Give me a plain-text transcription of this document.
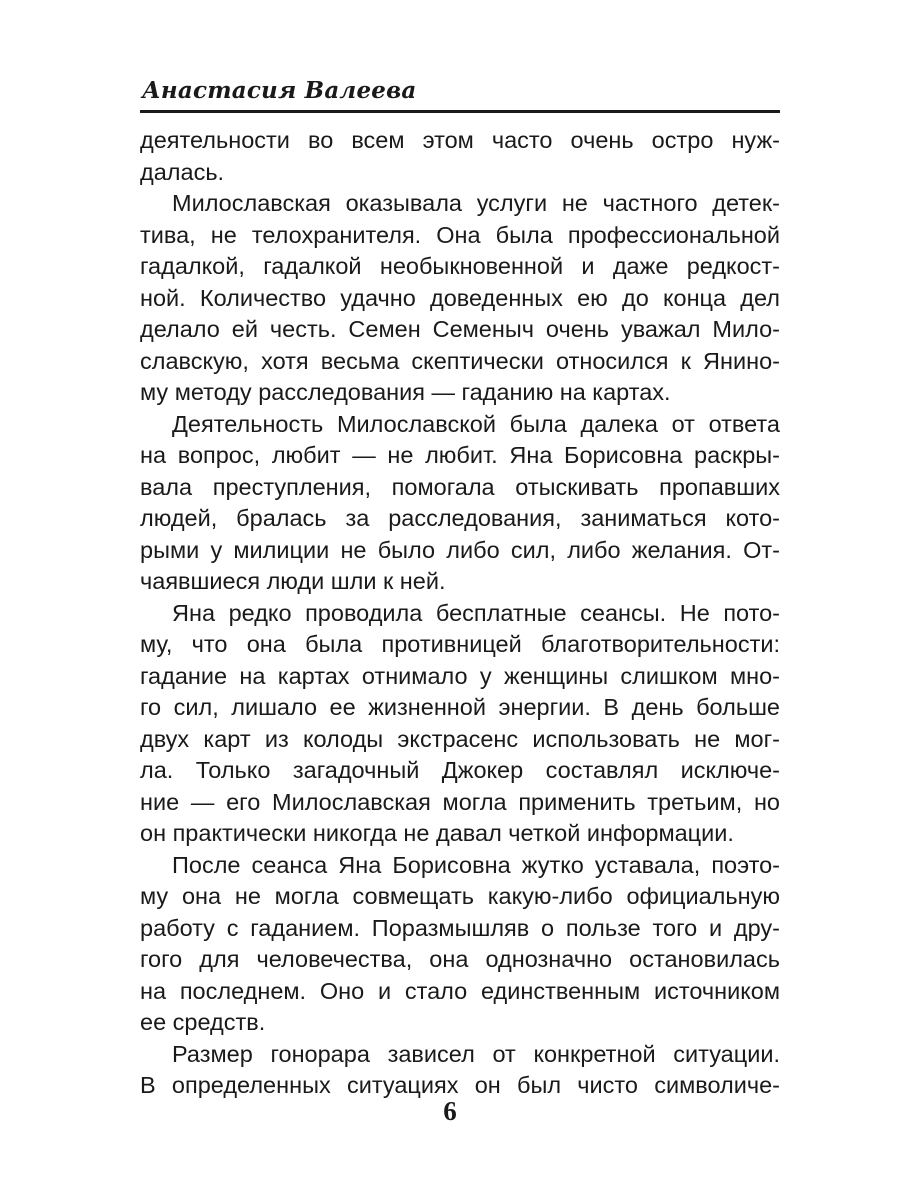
Анастасия Валеева

деятельности во всем этом часто очень остро нуж-
далась.

Милославская оказывала услуги не частного детек-
тива, не телохранителя. Она была профессиональной
гадалкой, гадалкой необыкновенной и даже редкост-
ной. Количество удачно доведенных ею до конца дел
делало ей честь. Семен Семеныч очень уважал Мило-
славскую, хотя весьма скептически относился к Янино-
му методу расследования — гаданию на картах.

Деятельность Милославской была далека от ответа
на вопрос, любит — не любит. Яна Борисовна раскры-
вала преступления, помогала отыскивать пропавших
людей, бралась за расследования, заниматься кото-
рыми у милиции не было либо сил, либо желания. От-
чаявшиеся люди шли к ней.

Яна редко проводила бесплатные сеансы. Не пото-
му, что она была противницей благотворительности:
гадание на картах отнимало у женщины слишком мно-
го сил, лишало ее жизненной энергии. В день больше
двух карт из колоды экстрасенс использовать не мог-
ла. Только загадочный Джокер составлял исключе-
ние — его Милославская могла применить третьим, но
он практически никогда не давал четкой информации.

После сеанса Яна Борисовна жутко уставала, поэто-
му она не могла совмещать какую-либо официальную
работу с гаданием. Поразмышляв о пользе того и дру-
гого для человечества, она однозначно остановилась
на последнем. Оно и стало единственным источником
ее средств.

Размер гонорара зависел от конкретной ситуации.
В определенных ситуациях он был чисто символиче-

6
